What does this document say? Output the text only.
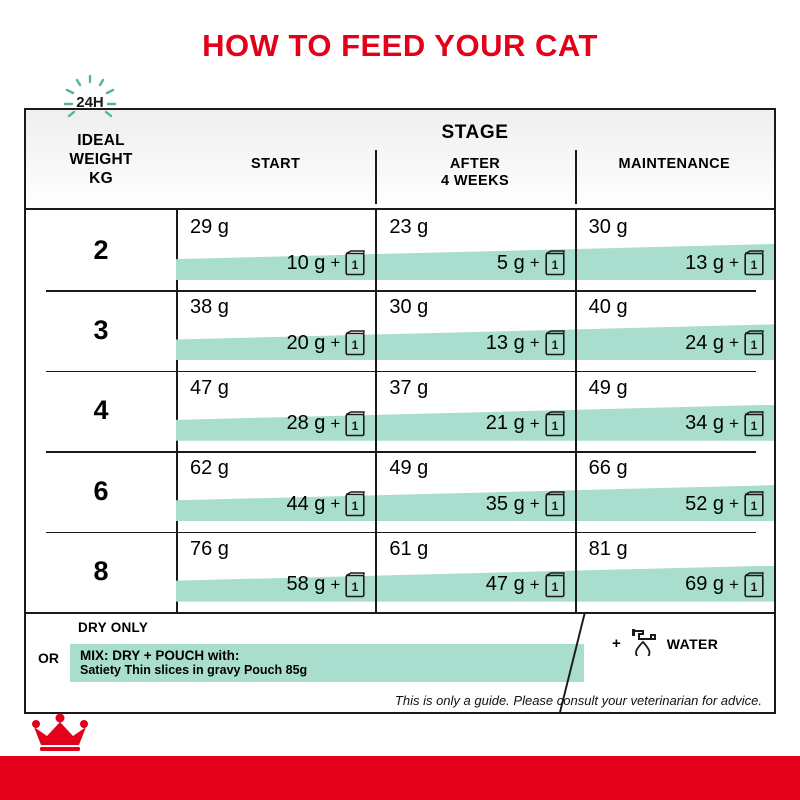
HOW TO FEED YOUR CAT
24H
IDEAL
WEIGHT
KG
STAGE
START	AFTER
4 WEEKS
MAINTENANCE
2
29 g
10 g + 1
23 g
5 g + 1
30 g
13 g + 1
3
38 g
20 g + 1
30 g
13 g + 1
40 g
24 g + 1
4
47 g
28 g + 1
37 g
21 g + 1
49 g
34 g + 1
6
62 g
44 g + 1
49 g
35 g + 1
66 g
52 g + 1
8
76 g
58 g + 1
61 g
47 g + 1
81 g
69 g + 1
DRY ONLY
OR MIX: DRY + POUCH with:
Satiety Thin slices in gravy Pouch 85g
+	WATER
This is only a guide. Please consult your veterinarian for advice.
